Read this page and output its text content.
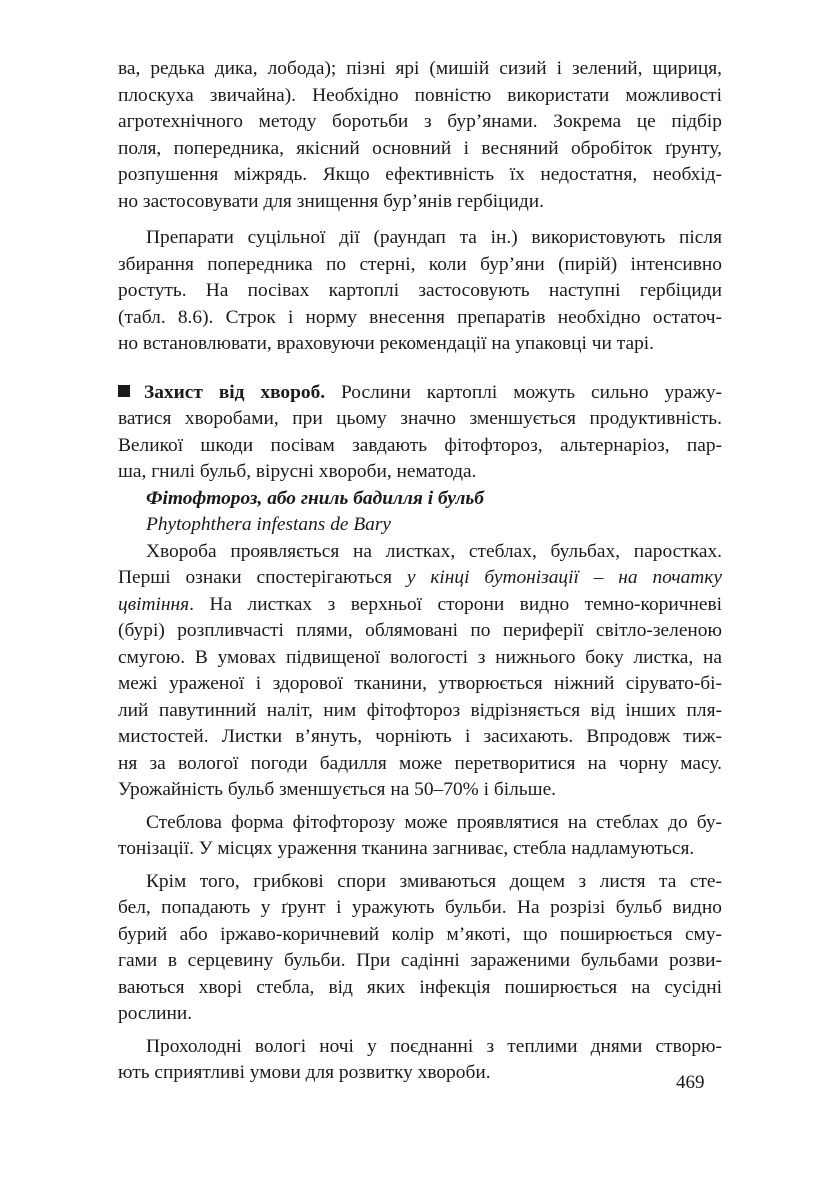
ва, редька дика, лобода); пізні ярі (мишій сизий і зелений, щириця,
плоскуха звичайна). Необхідно повністю використати можливості
агротехнічного методу боротьби з бур’янами. Зокрема це підбір
поля, попередника, якісний основний і весняний обробіток ґрунту,
розпушення міжрядь. Якщо ефективність їх недостатня, необхід-
но застосовувати для знищення бур’янів гербіциди.
Препарати суцільної дії (раундап та ін.) використовують після
збирання попередника по стерні, коли бур’яни (пирій) інтенсивно
ростуть. На посівах картоплі застосовують наступні гербіциди
(табл. 8.6). Строк і норму внесення препаратів необхідно остаточ-
но встановлювати, враховуючи рекомендації на упаковці чи тарі.
Захист від хвороб. Рослини картоплі можуть сильно уражу-
ватися хворобами, при цьому значно зменшується продуктивність.
Великої шкоди посівам завдають фітофтороз, альтернаріоз, пар-
ша, гнилі бульб, вірусні хвороби, нематода.
Фітофтороз, або гниль бадилля і бульб
Phytophthera infestans de Bary
Хвороба проявляється на листках, стеблах, бульбах, паростках.
Перші ознаки спостерігаються у кінці бутонізації – на початку
цвітіння. На листках з верхньої сторони видно темно-коричневі
(бурі) розпливчасті плями, облямовані по периферії світло-зеленою
смугою. В умовах підвищеної вологості з нижнього боку листка, на
межі ураженої і здорової тканини, утворюється ніжний сірувато-бі-
лий павутинний наліт, ним фітофтороз відрізняється від інших пля-
мистостей. Листки в’януть, чорніють і засихають. Впродовж тиж-
ня за вологої погоди бадилля може перетворитися на чорну масу.
Урожайність бульб зменшується на 50–70% і більше.
Стеблова форма фітофторозу може проявлятися на стеблах до бу-
тонізації. У місцях ураження тканина загниває, стебла надламуються.
Крім того, грибкові спори змиваються дощем з листя та сте-
бел, попадають у ґрунт і уражують бульби. На розрізі бульб видно
бурий або іржаво-коричневий колір м’якоті, що поширюється сму-
гами в серцевину бульби. При садінні зараженими бульбами розви-
ваються хворі стебла, від яких інфекція поширюється на сусідні
рослини.
Прохолодні вологі ночі у поєднанні з теплими днями створю-
ють сприятливі умови для розвитку хвороби.	469
